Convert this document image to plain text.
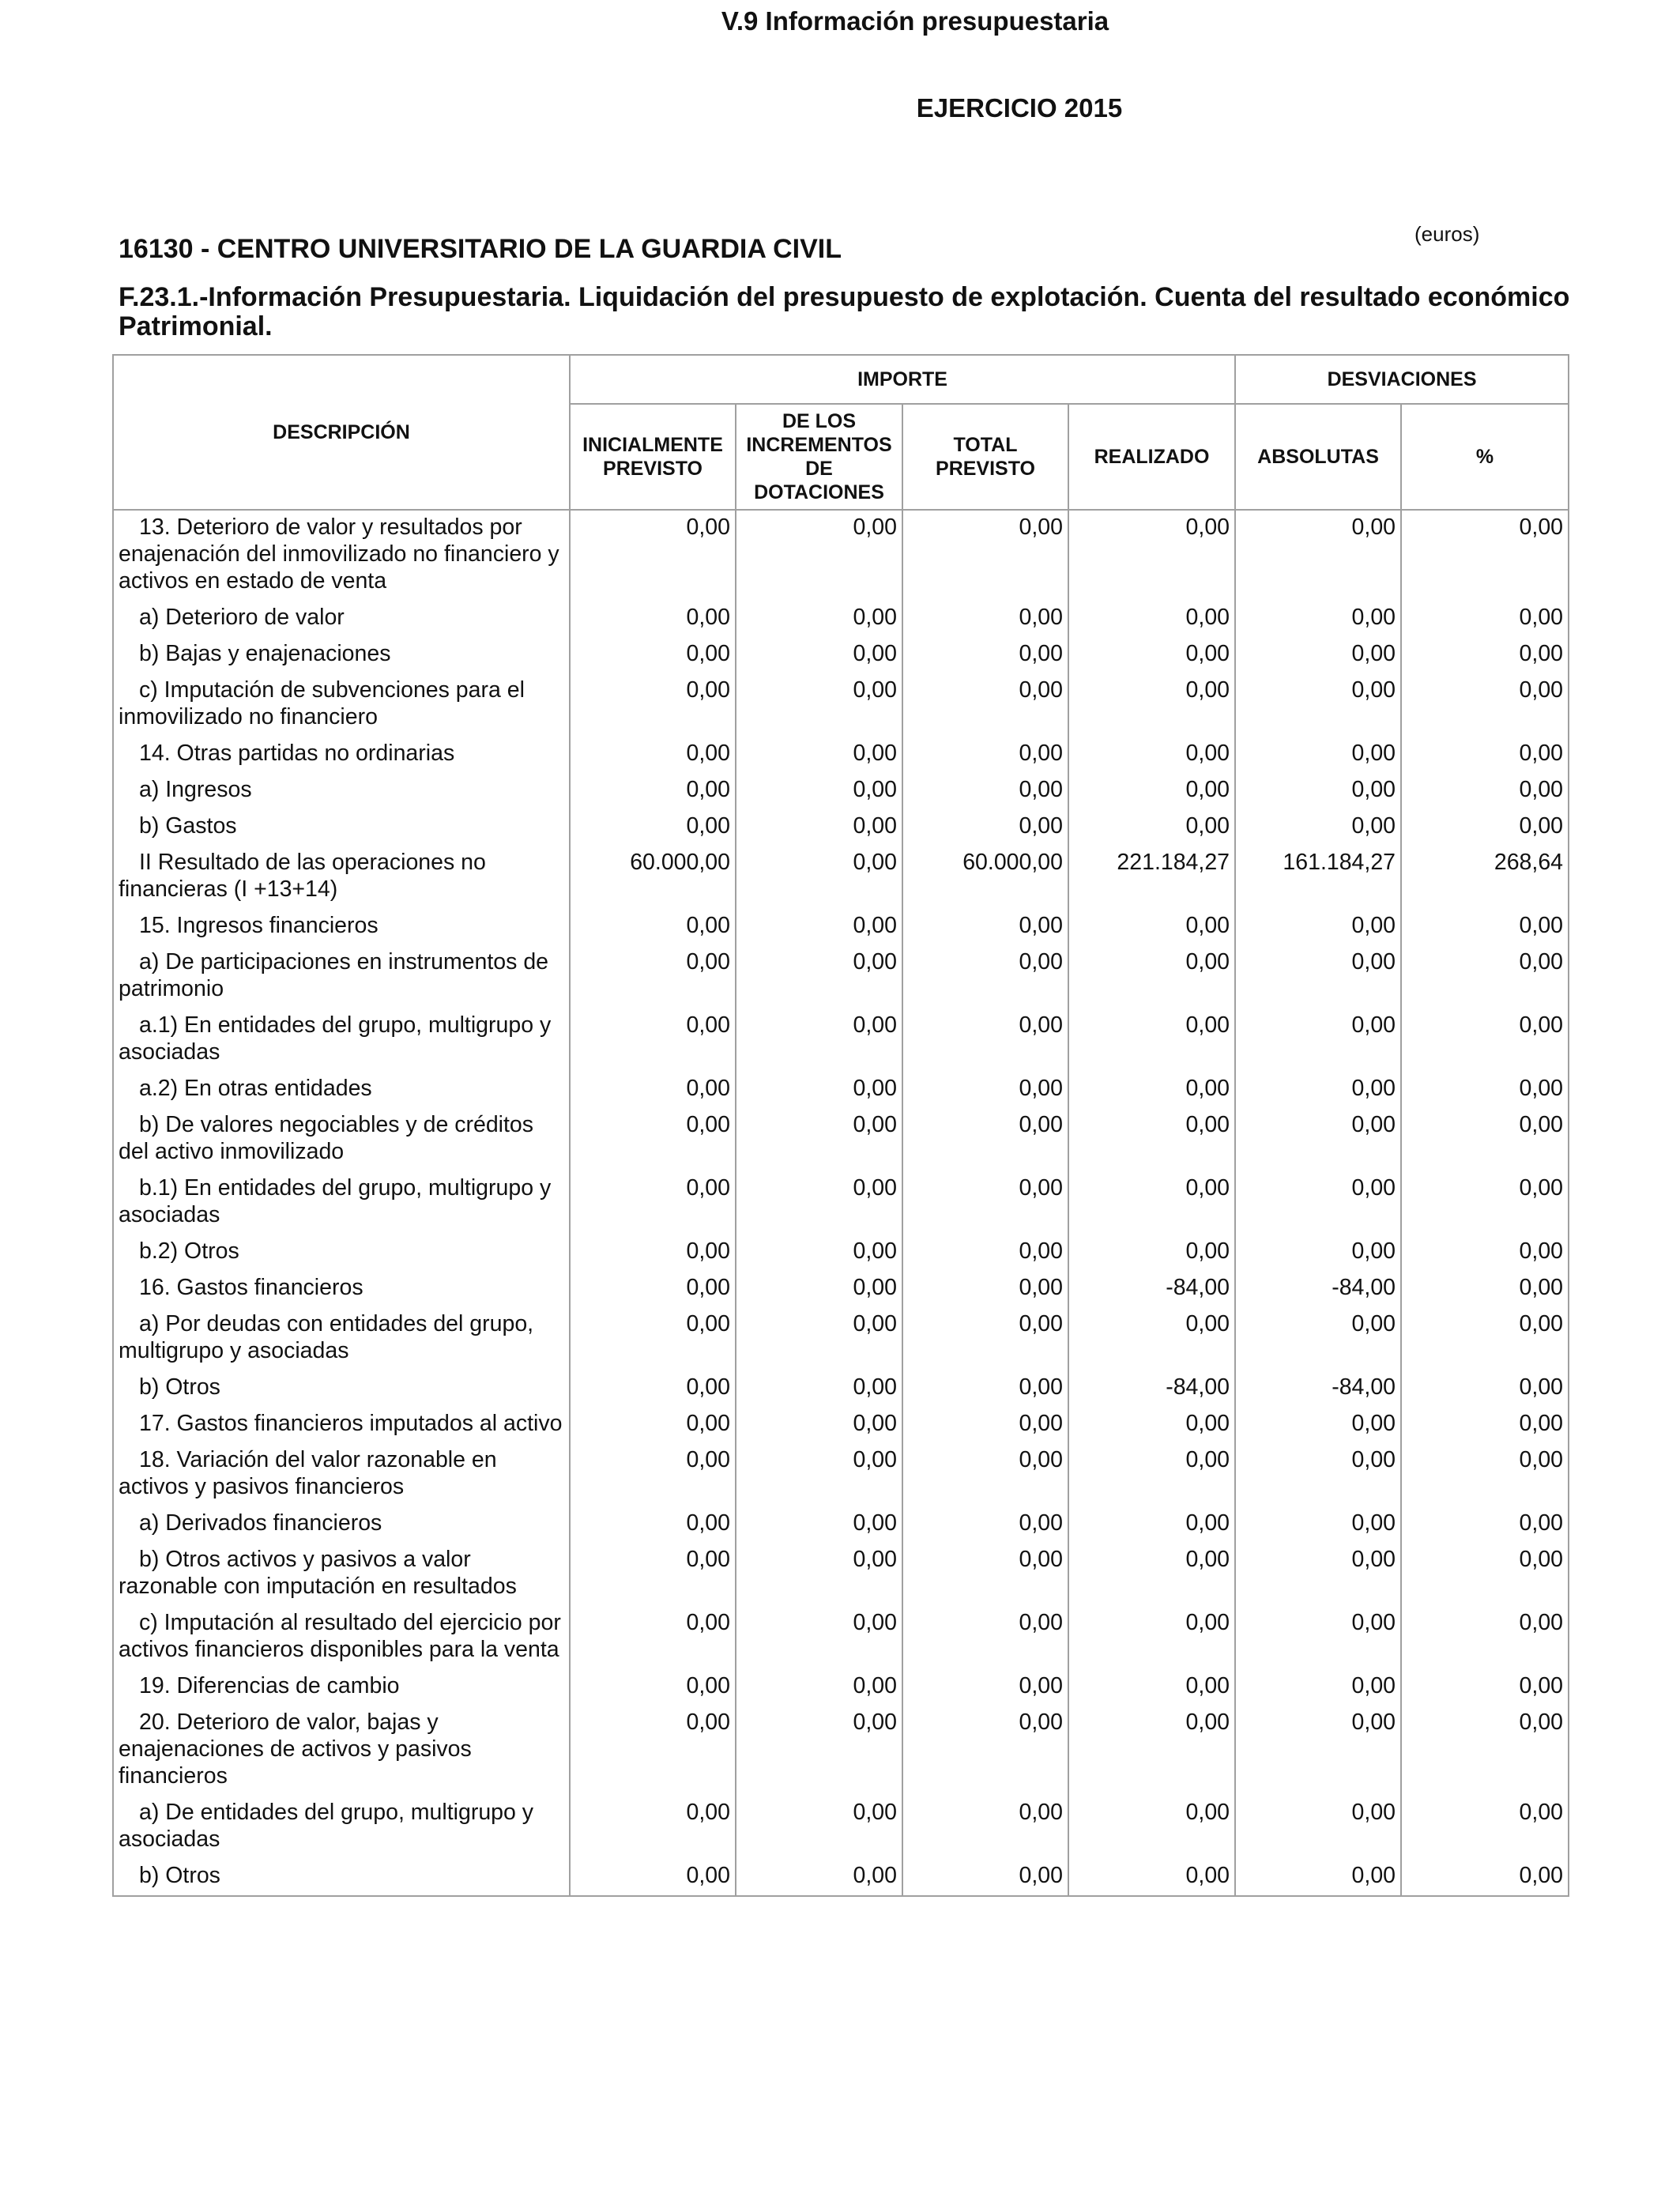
V.9 Información presupuestaria
EJERCICIO 2015
(euros)
16130 - CENTRO UNIVERSITARIO DE LA GUARDIA CIVIL
F.23.1.-Información Presupuestaria. Liquidación del presupuesto de explotación. Cuenta del resultado económico Patrimonial.
DESCRIPCIÓN	IMPORTE				DESVIACIONES	
	INICIALMENTE PREVISTO	DE LOS INCREMENTOS DE DOTACIONES	TOTAL PREVISTO	REALIZADO	ABSOLUTAS	%
13. Deterioro de valor y resultados por enajenación del inmovilizado no financiero y activos en estado de venta	0,00	0,00	0,00	0,00	0,00	0,00
a) Deterioro de valor	0,00	0,00	0,00	0,00	0,00	0,00
b) Bajas y enajenaciones	0,00	0,00	0,00	0,00	0,00	0,00
c) Imputación de subvenciones para el inmovilizado no financiero	0,00	0,00	0,00	0,00	0,00	0,00
14. Otras partidas no ordinarias	0,00	0,00	0,00	0,00	0,00	0,00
a) Ingresos	0,00	0,00	0,00	0,00	0,00	0,00
b) Gastos	0,00	0,00	0,00	0,00	0,00	0,00
II Resultado de las operaciones no financieras (I +13+14)	60.000,00	0,00	60.000,00	221.184,27	161.184,27	268,64
15. Ingresos financieros	0,00	0,00	0,00	0,00	0,00	0,00
a) De participaciones en instrumentos de patrimonio	0,00	0,00	0,00	0,00	0,00	0,00
a.1) En entidades del grupo, multigrupo y asociadas	0,00	0,00	0,00	0,00	0,00	0,00
a.2) En otras entidades	0,00	0,00	0,00	0,00	0,00	0,00
b) De valores negociables y de créditos del activo inmovilizado	0,00	0,00	0,00	0,00	0,00	0,00
b.1) En entidades del grupo, multigrupo y asociadas	0,00	0,00	0,00	0,00	0,00	0,00
b.2) Otros	0,00	0,00	0,00	0,00	0,00	0,00
16. Gastos financieros	0,00	0,00	0,00	-84,00	-84,00	0,00
a) Por deudas con entidades del grupo, multigrupo y asociadas	0,00	0,00	0,00	0,00	0,00	0,00
b) Otros	0,00	0,00	0,00	-84,00	-84,00	0,00
17. Gastos financieros imputados al activo	0,00	0,00	0,00	0,00	0,00	0,00
18. Variación del valor razonable en activos y pasivos financieros	0,00	0,00	0,00	0,00	0,00	0,00
a) Derivados financieros	0,00	0,00	0,00	0,00	0,00	0,00
b) Otros activos y pasivos a valor razonable con imputación en resultados	0,00	0,00	0,00	0,00	0,00	0,00
c) Imputación al resultado del ejercicio por activos financieros disponibles para la venta	0,00	0,00	0,00	0,00	0,00	0,00
19. Diferencias de cambio	0,00	0,00	0,00	0,00	0,00	0,00
20. Deterioro de valor, bajas y enajenaciones de activos y pasivos financieros	0,00	0,00	0,00	0,00	0,00	0,00
a) De entidades del grupo, multigrupo y asociadas	0,00	0,00	0,00	0,00	0,00	0,00
b) Otros	0,00	0,00	0,00	0,00	0,00	0,00
